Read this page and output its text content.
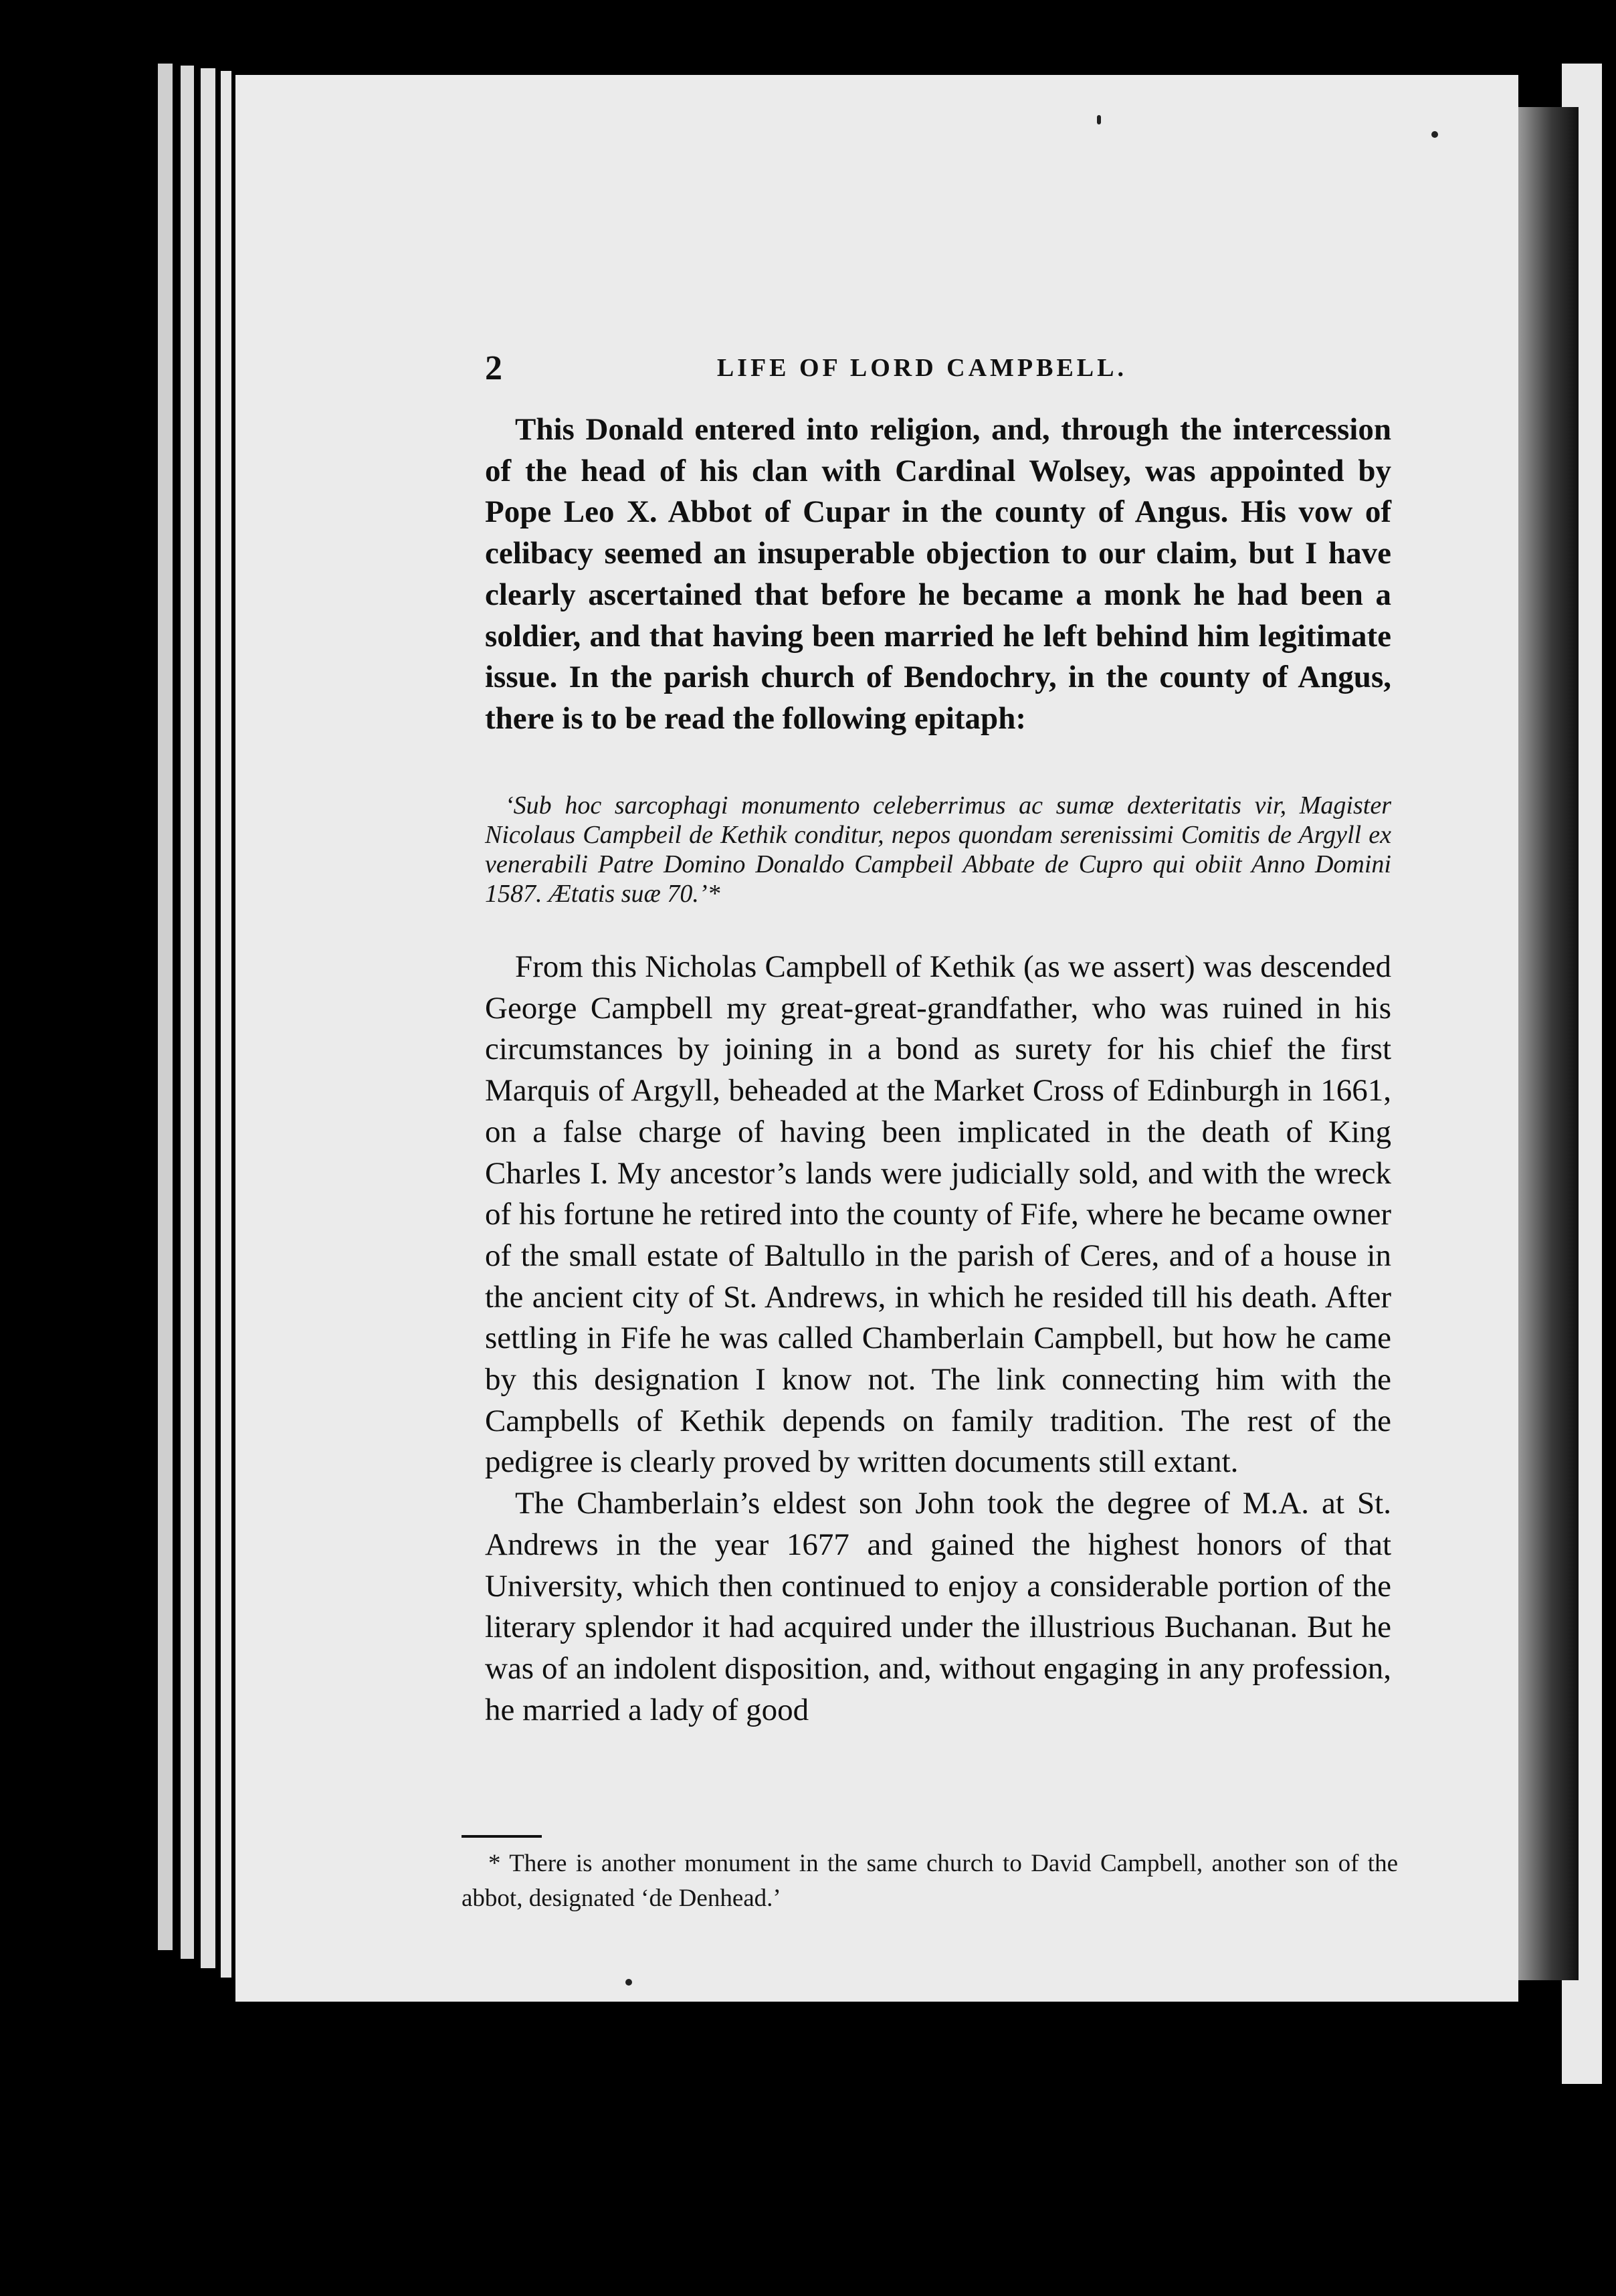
2	LIFE OF LORD CAMPBELL.

This Donald entered into religion, and, through the intercession of the head of his clan with Cardinal Wolsey, was appointed by Pope Leo X. Abbot of Cupar in the county of Angus. His vow of celibacy seemed an insuperable objection to our claim, but I have clearly ascertained that before he became a monk he had been a soldier, and that having been married he left behind him legitimate issue. In the parish church of Bendochry, in the county of Angus, there is to be read the following epitaph:

‘Sub hoc sarcophagi monumento celeberrimus ac sumæ dexteritatis vir, Magister Nicolaus Campbeil de Kethik conditur, nepos quondam serenissimi Comitis de Argyll ex venerabili Patre Domino Donaldo Campbeil Abbate de Cupro qui obiit Anno Domini 1587. Ætatis suæ 70.’*

From this Nicholas Campbell of Kethik (as we assert) was descended George Campbell my great-great-grandfather, who was ruined in his circumstances by joining in a bond as surety for his chief the first Marquis of Argyll, beheaded at the Market Cross of Edinburgh in 1661, on a false charge of having been implicated in the death of King Charles I. My ancestor’s lands were judicially sold, and with the wreck of his fortune he retired into the county of Fife, where he became owner of the small estate of Baltullo in the parish of Ceres, and of a house in the ancient city of St. Andrews, in which he resided till his death. After settling in Fife he was called Chamberlain Campbell, but how he came by this designation I know not. The link connecting him with the Campbells of Kethik depends on family tradition. The rest of the pedigree is clearly proved by written documents still extant.

The Chamberlain’s eldest son John took the degree of M.A. at St. Andrews in the year 1677 and gained the highest honors of that University, which then continued to enjoy a considerable portion of the literary splendor it had acquired under the illustrious Buchanan. But he was of an indolent disposition, and, without engaging in any profession, he married a lady of good

* There is another monument in the same church to David Campbell, another son of the abbot, designated ‘de Denhead.’
